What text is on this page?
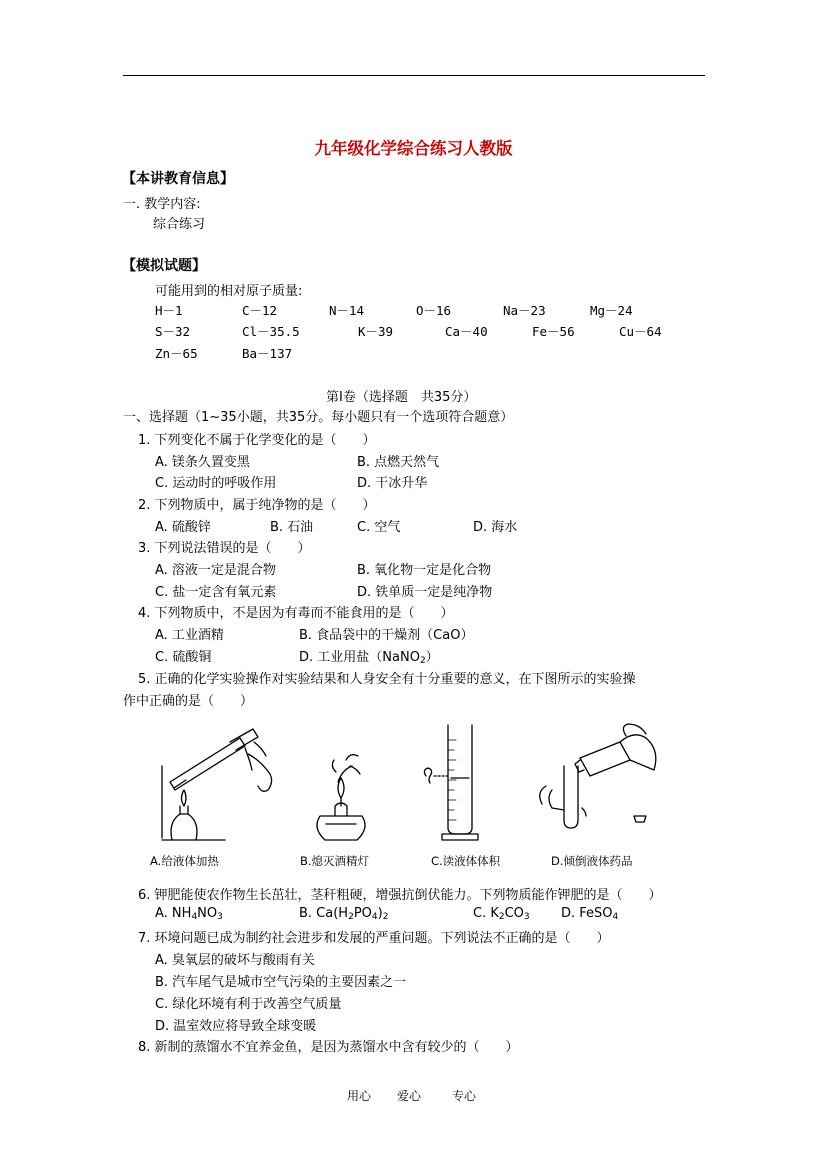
九年级化学综合练习人教版
【本讲教育信息】
一. 教学内容:
综合练习
【模拟试题】
可能用到的相对原子质量:
H－1	C－12	N－14	O－16	Na－23	Mg－24
S－32	Cl－35.5	K－39	Ca－40	Fe－56	Cu－64
Zn－65	Ba－137
第Ⅰ卷（选择题　共35分）
一、选择题（1~35小题，共35分。每小题只有一个选项符合题意）
1. 下列变化不属于化学变化的是（　　）
A. 镁条久置变黑	B. 点燃天然气
C. 运动时的呼吸作用	D. 干冰升华
2. 下列物质中，属于纯净物的是（　　）
A. 硫酸锌	B. 石油	C. 空气	D. 海水
3. 下列说法错误的是（　　）
A. 溶液一定是混合物	B. 氧化物一定是化合物
C. 盐一定含有氧元素	D. 铁单质一定是纯净物
4. 下列物质中，不是因为有毒而不能食用的是（　　）
A. 工业酒精	B. 食品袋中的干燥剂（CaO）
C. 硫酸铜	D. 工业用盐（NaNO$_2$）
5. 正确的化学实验操作对实验结果和人身安全有十分重要的意义，在下图所示的实验操
作中正确的是（　　）
A.给液体加热	B.熄灭酒精灯	C.读液体体积	D.倾倒液体药品
6. 钾肥能使农作物生长茁壮，茎秆粗硬，增强抗倒伏能力。下列物质能作钾肥的是（　　）
A. $NH_4NO_3$	B. $Ca(H_2PO_4)_2$	C. $K_2CO_3$ D. FeSO$_4$
7. 环境问题已成为制约社会进步和发展的严重问题。下列说法不正确的是（　　）
A. 臭氧层的破坏与酸雨有关
B. 汽车尾气是城市空气污染的主要因素之一
C. 绿化环境有利于改善空气质量
D. 温室效应将导致全球变暖
8. 新制的蒸馏水不宜养金鱼，是因为蒸馏水中含有较少的（　　）
用心 爱心	专心
